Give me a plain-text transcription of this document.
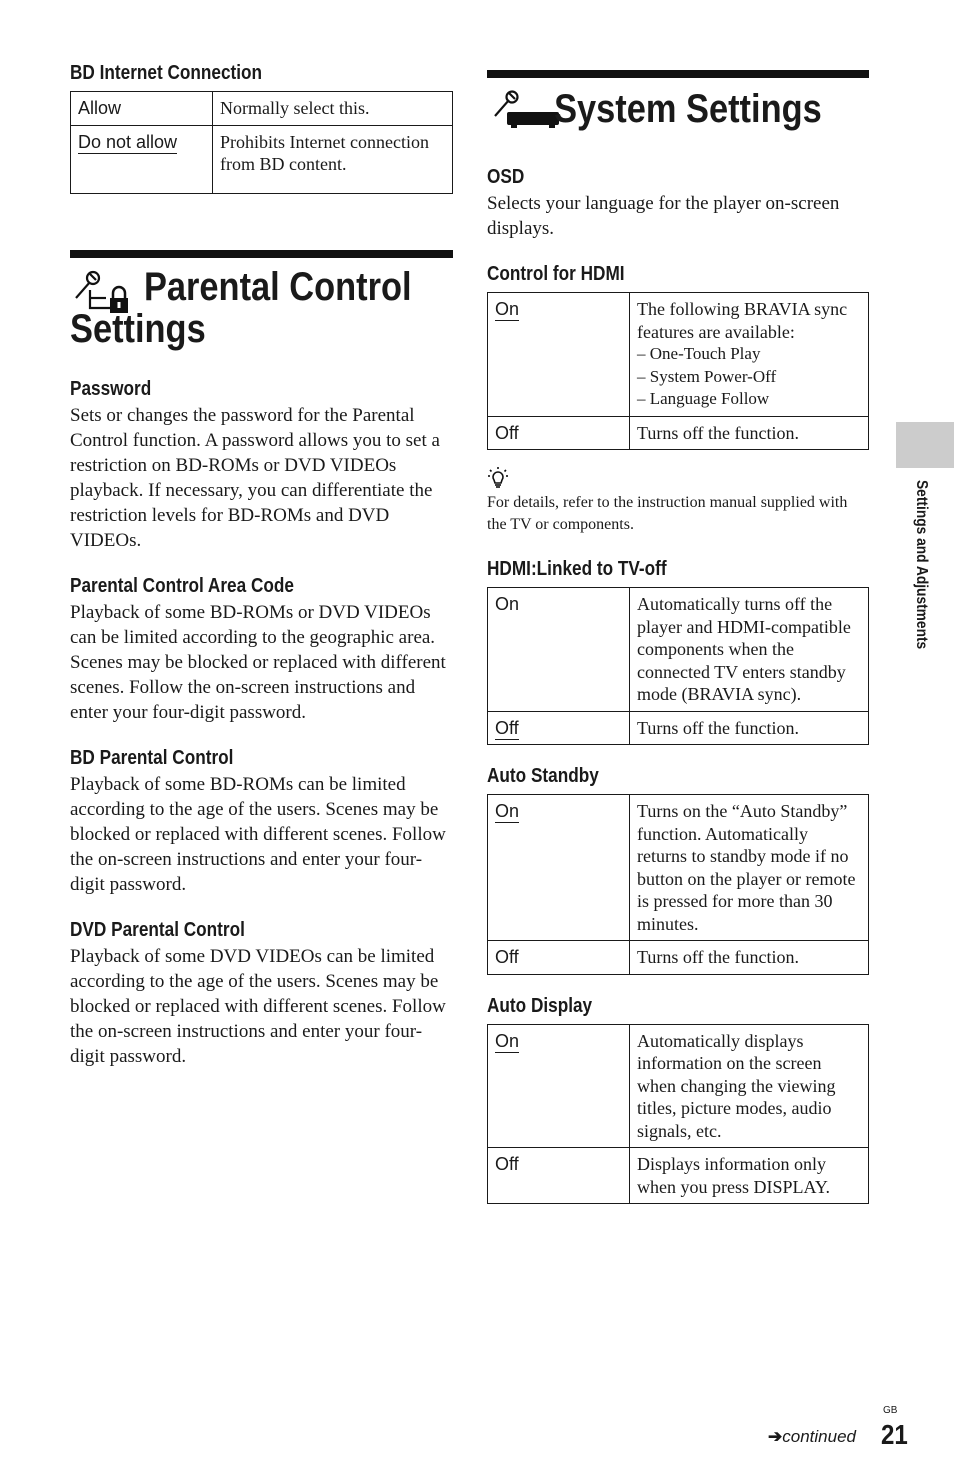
BD Internet Connection
Allow	Normally select this.
Do not allow	Prohibits Internet connection from BD content.
Parental Control
Settings
Password

Sets or changes the password for the Parental Control function. A password allows you to set a restriction on BD-ROMs or DVD VIDEOs playback. If necessary, you can differentiate the restriction levels for BD-ROMs and DVD VIDEOs.

Parental Control Area Code

Playback of some BD-ROMs or DVD VIDEOs can be limited according to the geographic area. Scenes may be blocked or replaced with different scenes. Follow the on-screen instructions and enter your four-digit password.

BD Parental Control

Playback of some BD-ROMs can be limited according to the age of the users. Scenes may be blocked or replaced with different scenes. Follow the on-screen instructions and enter your four-digit password.

DVD Parental Control

Playback of some DVD VIDEOs can be limited according to the age of the users. Scenes may be blocked or replaced with different scenes. Follow the on-screen instructions and enter your four-digit password.

System Settings
OSD

Selects your language for the player on-screen displays.

Control for HDMI
On	The following BRAVIA sync features are available:
– One-Touch Play
– System Power-Off
– Language Follow

Off	Turns off the function.

For details, refer to the instruction manual supplied with the TV or components.

HDMI:Linked to TV-off
On	Automatically turns off the player and HDMI-compatible components when the connected TV enters standby mode (BRAVIA sync).
Off	Turns off the function.
Auto Standby
On	Turns on the “Auto Standby” function. Automatically returns to standby mode if no button on the player or remote is pressed for more than 30 minutes.
Off	Turns off the function.
Auto Display
On	Automatically displays information on the screen when changing the viewing titles, picture modes, audio signals, etc.
Off	Displays information only when you press DISPLAY.
Settings and Adjustments
GB
➔continued 21
